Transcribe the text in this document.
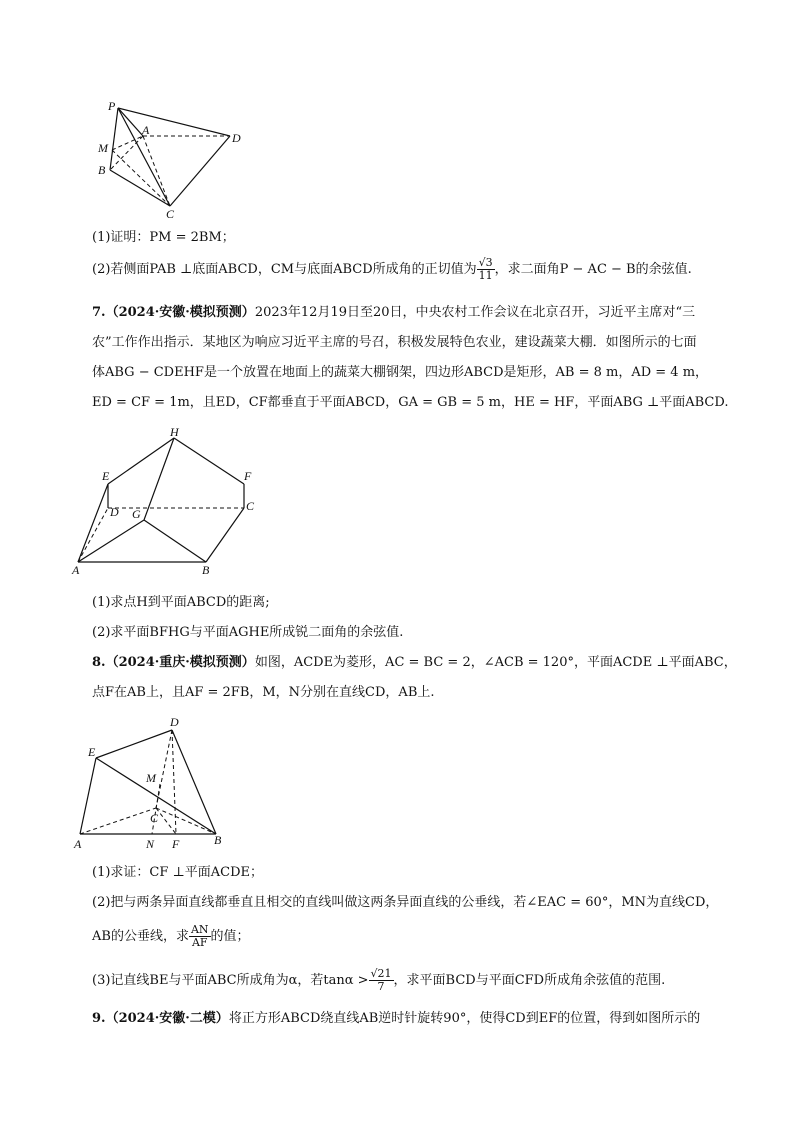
P
A
D
M
B
C
(1)证明：PM = 2BM；
(2)若侧面PAB ⊥底面ABCD，CM与底面ABCD所成角的正切值为 $\frac{√3}{11}$ ，求二面角P − AC − B的余弦值.
7.（2024·安徽·模拟预测）2023年12月19日至20日，中央农村工作会议在北京召开，习近平主席对“三
农”工作作出指示．某地区为响应习近平主席的号召，积极发展特色农业，建设蔬菜大棚．如图所示的七面
体ABG − CDEHF是一个放置在地面上的蔬菜大棚钢架，四边形ABCD是矩形，AB = 8 m，AD = 4 m，
ED = CF = 1m，且ED，CF都垂直于平面ABCD，GA = GB = 5 m，HE = HF，平面ABG ⊥平面ABCD.
H
E	F
D G
C
A	B
(1)求点H到平面ABCD的距离;
(2)求平面BFHG与平面AGHE所成锐二面角的余弦值.
8.（2024·重庆·模拟预测）如图，ACDE为菱形，AC = BC = 2，∠ACB = 120°，平面ACDE ⊥平面ABC，
点F在AB上，且AF = 2FB，M，N分别在直线CD，AB上.
D
E
M
C
A	N F	B
(1)求证：CF ⊥平面ACDE；
(2)把与两条异面直线都垂直且相交的直线叫做这两条异面直线的公垂线，若∠EAC = 60°，MN为直线CD，
AB的公垂线，求 $\frac{AN}{AF}$ 的值；
(3)记直线BE与平面ABC所成角为α，若$\tan\alpha > \frac{√21}{7}$ ，求平面BCD与平面CFD所成角余弦值的范围.
9.（2024·安徽·二模）将正方形ABCD绕直线AB逆时针旋转90°，使得CD到EF的位置，得到如图所示的
